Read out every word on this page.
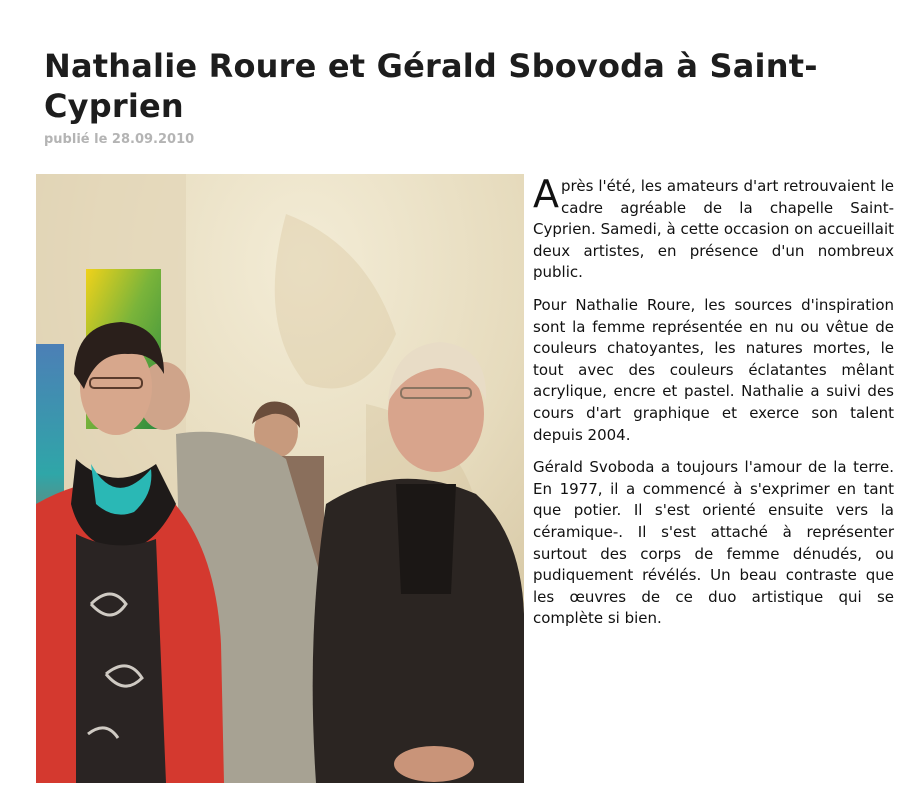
Nathalie Roure et Gérald Sbovoda à Saint-Cyprien
publié le 28.09.2010

Après l'été, les amateurs d'art retrouvaient le cadre agréable de la chapelle Saint-Cyprien. Samedi, à cette occasion on accueillait deux artistes, en présence d'un nombreux public.

Pour Nathalie Roure, les sources d'inspiration sont la femme représentée en nu ou vêtue de couleurs chatoyantes, les natures mortes, le tout avec des couleurs éclatantes mêlant acrylique, encre et pastel. Nathalie a suivi des cours d'art graphique et exerce son talent depuis 2004.

Gérald Svoboda a toujours l'amour de la terre. En 1977, il a commencé à s'exprimer en tant que potier. Il s'est orienté ensuite vers la céramique-. Il s'est attaché à représenter surtout des corps de femme dénudés, ou pudiquement révélés. Un beau contraste que les œuvres de ce duo artistique qui se complète si bien.
